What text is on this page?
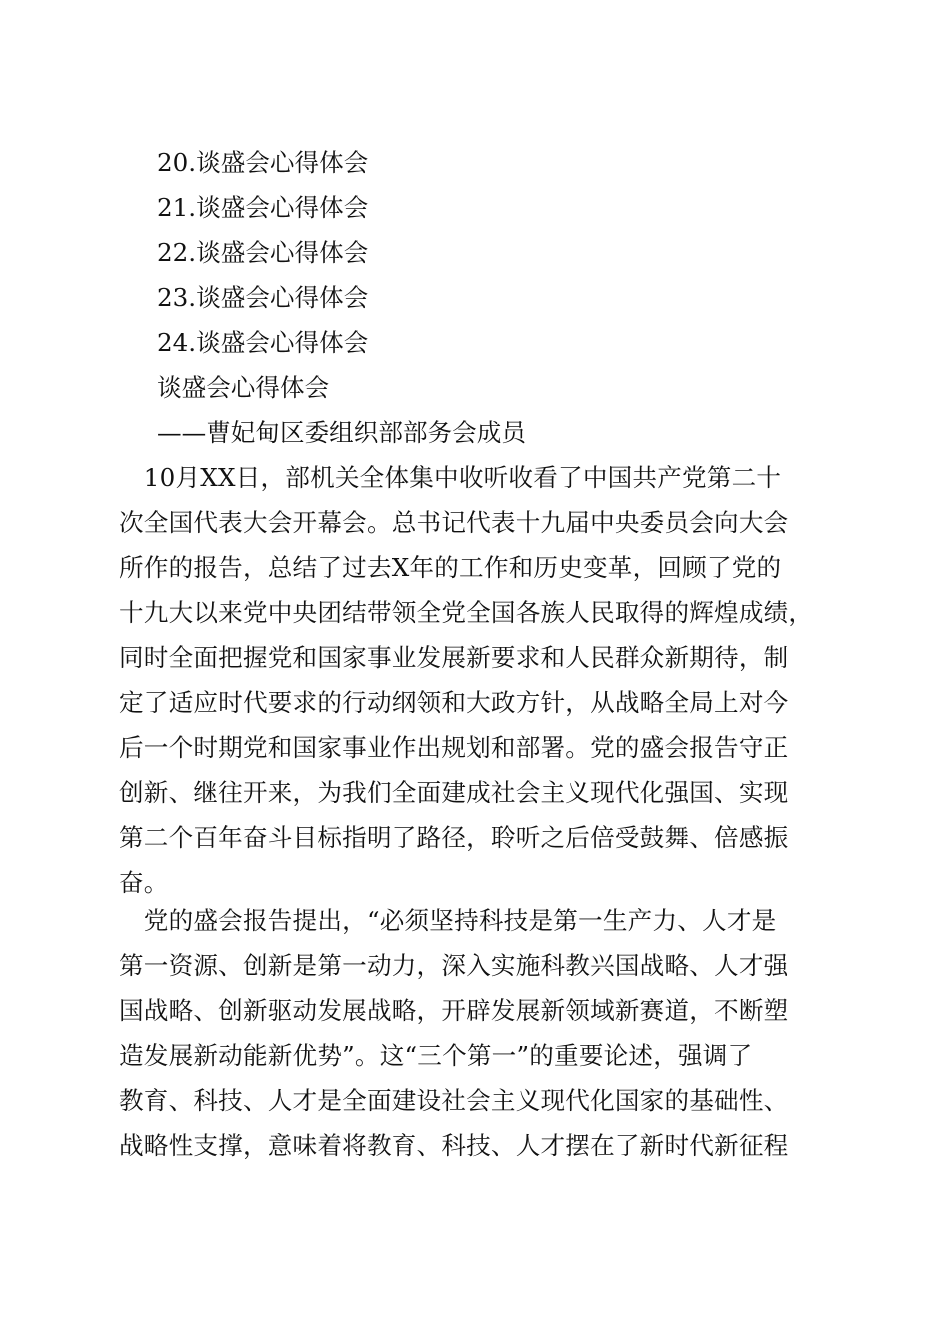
20.谈盛会心得体会
21.谈盛会心得体会
22.谈盛会心得体会
23.谈盛会心得体会
24.谈盛会心得体会
谈盛会心得体会
——曹妃甸区委组织部部务会成员
　10月XX日，部机关全体集中收听收看了中国共产党第二十
次全国代表大会开幕会。总书记代表十九届中央委员会向大会
所作的报告，总结了过去X年的工作和历史变革，回顾了党的
十九大以来党中央团结带领全党全国各族人民取得的辉煌成绩，
同时全面把握党和国家事业发展新要求和人民群众新期待，制
定了适应时代要求的行动纲领和大政方针，从战略全局上对今
后一个时期党和国家事业作出规划和部署。党的盛会报告守正
创新、继往开来，为我们全面建成社会主义现代化强国、实现
第二个百年奋斗目标指明了路径，聆听之后倍受鼓舞、倍感振
奋。
　党的盛会报告提出，“必须坚持科技是第一生产力、人才是
第一资源、创新是第一动力，深入实施科教兴国战略、人才强
国战略、创新驱动发展战略，开辟发展新领域新赛道，不断塑
造发展新动能新优势”。这“三个第一”的重要论述，强调了
教育、科技、人才是全面建设社会主义现代化国家的基础性、
战略性支撑，意味着将教育、科技、人才摆在了新时代新征程
